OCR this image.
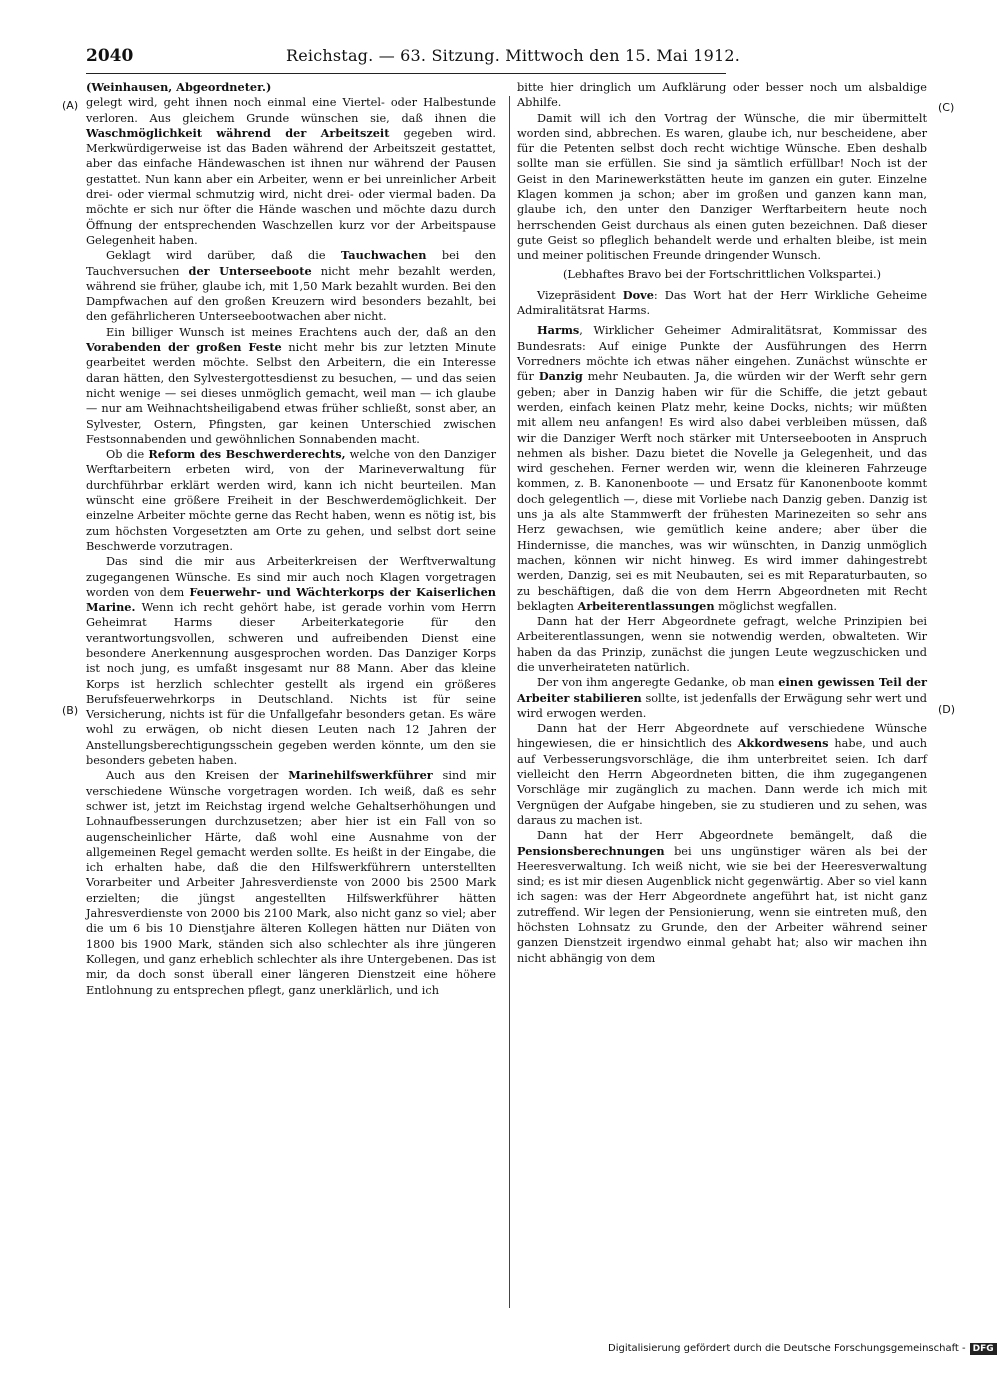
2040	Reichstag. — 63. Sitzung. Mittwoch den 15. Mai 1912.
(A)
(B)
(C)
(D)

(Weinhausen, Abgeordneter.)

gelegt wird, geht ihnen noch einmal eine Viertel- oder Halbestunde verloren. Aus gleichem Grunde wünschen sie, daß ihnen die Waschmöglichkeit während der Arbeitszeit gegeben wird. Merkwürdigerweise ist das Baden während der Arbeitszeit gestattet, aber das einfache Händewaschen ist ihnen nur während der Pausen gestattet. Nun kann aber ein Arbeiter, wenn er bei unreinlicher Arbeit drei- oder viermal schmutzig wird, nicht drei- oder viermal baden. Da möchte er sich nur öfter die Hände waschen und möchte dazu durch Öffnung der entsprechenden Waschzellen kurz vor der Arbeitspause Gelegenheit haben.

Geklagt wird darüber, daß die Tauchwachen bei den Tauchversuchen der Unterseeboote nicht mehr bezahlt werden, während sie früher, glaube ich, mit 1,50 Mark bezahlt wurden. Bei den Dampfwachen auf den großen Kreuzern wird besonders bezahlt, bei den gefährlicheren Unterseebootwachen aber nicht.

Ein billiger Wunsch ist meines Erachtens auch der, daß an den Vorabenden der großen Feste nicht mehr bis zur letzten Minute gearbeitet werden möchte. Selbst den Arbeitern, die ein Interesse daran hätten, den Sylvestergottesdienst zu besuchen, — und das seien nicht wenige — sei dieses unmöglich gemacht, weil man — ich glaube — nur am Weihnachtsheiligabend etwas früher schließt, sonst aber, an Sylvester, Ostern, Pfingsten, gar keinen Unterschied zwischen Festsonnabenden und gewöhnlichen Sonnabenden macht.

Ob die Reform des Beschwerderechts, welche von den Danziger Werftarbeitern erbeten wird, von der Marineverwaltung für durchführbar erklärt werden wird, kann ich nicht beurteilen. Man wünscht eine größere Freiheit in der Beschwerdemöglichkeit. Der einzelne Arbeiter möchte gerne das Recht haben, wenn es nötig ist, bis zum höchsten Vorgesetzten am Orte zu gehen, und selbst dort seine Beschwerde vorzutragen.

Das sind die mir aus Arbeiterkreisen der Werftverwaltung zugegangenen Wünsche. Es sind mir auch noch Klagen vorgetragen worden von dem Feuerwehr- und Wächterkorps der Kaiserlichen Marine. Wenn ich recht gehört habe, ist gerade vorhin vom Herrn Geheimrat Harms dieser Arbeiterkategorie für den verantwortungsvollen, schweren und aufreibenden Dienst eine besondere Anerkennung ausgesprochen worden. Das Danziger Korps ist noch jung, es umfaßt insgesamt nur 88 Mann. Aber das kleine Korps ist herzlich schlechter gestellt als irgend ein größeres Berufsfeuerwehrkorps in Deutschland. Nichts ist für seine Versicherung, nichts ist für die Unfallgefahr besonders getan. Es wäre wohl zu erwägen, ob nicht diesen Leuten nach 12 Jahren der Anstellungsberechtigungsschein gegeben werden könnte, um den sie besonders gebeten haben.

Auch aus den Kreisen der Marinehilfswerkführer sind mir verschiedene Wünsche vorgetragen worden. Ich weiß, daß es sehr schwer ist, jetzt im Reichstag irgend welche Gehaltserhöhungen und Lohnaufbesserungen durchzusetzen; aber hier ist ein Fall von so augenscheinlicher Härte, daß wohl eine Ausnahme von der allgemeinen Regel gemacht werden sollte. Es heißt in der Eingabe, die ich erhalten habe, daß die den Hilfswerkführern unterstellten Vorarbeiter und Arbeiter Jahresverdienste von 2000 bis 2500 Mark erzielten; die jüngst angestellten Hilfswerkführer hätten Jahresverdienste von 2000 bis 2100 Mark, also nicht ganz so viel; aber die um 6 bis 10 Dienstjahre älteren Kollegen hätten nur Diäten von 1800 bis 1900 Mark, ständen sich also schlechter als ihre jüngeren Kollegen, und ganz erheblich schlechter als ihre Untergebenen. Das ist mir, da doch sonst überall einer längeren Dienstzeit eine höhere Entlohnung zu entsprechen pflegt, ganz unerklärlich, und ich

bitte hier dringlich um Aufklärung oder besser noch um alsbaldige Abhilfe.

Damit will ich den Vortrag der Wünsche, die mir übermittelt worden sind, abbrechen. Es waren, glaube ich, nur bescheidene, aber für die Petenten selbst doch recht wichtige Wünsche. Eben deshalb sollte man sie erfüllen. Sie sind ja sämtlich erfüllbar! Noch ist der Geist in den Marinewerkstätten heute im ganzen ein guter. Einzelne Klagen kommen ja schon; aber im großen und ganzen kann man, glaube ich, den unter den Danziger Werftarbeitern heute noch herrschenden Geist durchaus als einen guten bezeichnen. Daß dieser gute Geist so pfleglich behandelt werde und erhalten bleibe, ist mein und meiner politischen Freunde dringender Wunsch.

(Lebhaftes Bravo bei der Fortschrittlichen Volkspartei.)

Vizepräsident Dove: Das Wort hat der Herr Wirkliche Geheime Admiralitätsrat Harms.

Harms, Wirklicher Geheimer Admiralitätsrat, Kommissar des Bundesrats: Auf einige Punkte der Ausführungen des Herrn Vorredners möchte ich etwas näher eingehen. Zunächst wünschte er für Danzig mehr Neubauten. Ja, die würden wir der Werft sehr gern geben; aber in Danzig haben wir für die Schiffe, die jetzt gebaut werden, einfach keinen Platz mehr, keine Docks, nichts; wir müßten mit allem neu anfangen! Es wird also dabei verbleiben müssen, daß wir die Danziger Werft noch stärker mit Unterseebooten in Anspruch nehmen als bisher. Dazu bietet die Novelle ja Gelegenheit, und das wird geschehen. Ferner werden wir, wenn die kleineren Fahrzeuge kommen, z. B. Kanonenboote — und Ersatz für Kanonenboote kommt doch gelegentlich —, diese mit Vorliebe nach Danzig geben. Danzig ist uns ja als alte Stammwerft der frühesten Marinezeiten so sehr ans Herz gewachsen, wie gemütlich keine andere; aber über die Hindernisse, die manches, was wir wünschten, in Danzig unmöglich machen, können wir nicht hinweg. Es wird immer dahingestrebt werden, Danzig, sei es mit Neubauten, sei es mit Reparaturbauten, so zu beschäftigen, daß die von dem Herrn Abgeordneten mit Recht beklagten Arbeiterentlassungen möglichst wegfallen.

Dann hat der Herr Abgeordnete gefragt, welche Prinzipien bei Arbeiterentlassungen, wenn sie notwendig werden, obwalteten. Wir haben da das Prinzip, zunächst die jungen Leute wegzuschicken und die unverheirateten natürlich.

Der von ihm angeregte Gedanke, ob man einen gewissen Teil der Arbeiter stabilieren sollte, ist jedenfalls der Erwägung sehr wert und wird erwogen werden.

Dann hat der Herr Abgeordnete auf verschiedene Wünsche hingewiesen, die er hinsichtlich des Akkordwesens habe, und auch auf Verbesserungsvorschläge, die ihm unterbreitet seien. Ich darf vielleicht den Herrn Abgeordneten bitten, die ihm zugegangenen Vorschläge mir zugänglich zu machen. Dann werde ich mich mit Vergnügen der Aufgabe hingeben, sie zu studieren und zu sehen, was daraus zu machen ist.

Dann hat der Herr Abgeordnete bemängelt, daß die Pensionsberechnungen bei uns ungünstiger wären als bei der Heeresverwaltung. Ich weiß nicht, wie sie bei der Heeresverwaltung sind; es ist mir diesen Augenblick nicht gegenwärtig. Aber so viel kann ich sagen: was der Herr Abgeordnete angeführt hat, ist nicht ganz zutreffend. Wir legen der Pensionierung, wenn sie eintreten muß, den höchsten Lohnsatz zu Grunde, den der Arbeiter während seiner ganzen Dienstzeit irgendwo einmal gehabt hat; also wir machen ihn nicht abhängig von dem

Digitalisierung gefördert durch die Deutsche Forschungsgemeinschaft - DFG
